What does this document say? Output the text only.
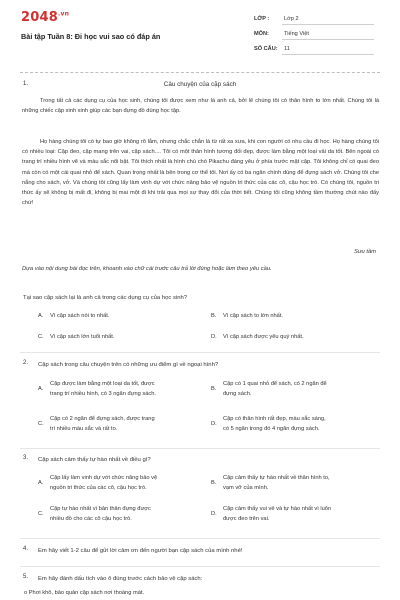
$2048^{.vn}$
Bài tập Tuần 8: Đi học vui sao có đáp án
LỚP :	Lớp 2
MÔN:	Tiếng Việt
SỐ CÂU: 11
1.	Câu chuyện của cặp sách
Trong tất cả các dụng cụ của học sinh, chúng tôi được xem như là anh cả, bởi lẽ chúng tôi có thân hình to lớn nhất. Chúng tôi là những chiếc cặp xinh xinh giúp các bạn đựng đồ dùng học tập.
Họ hàng chúng tôi có tự bao giờ không rõ lắm, nhưng chắc chắn là từ rất xa xưa, khi con người có nhu cầu đi học. Họ hàng chúng tôi có nhiều loại: Cặp đeo, cặp mang trên vai, cặp xách.... Tôi có một thân hình tương đối đẹp, được làm bằng một loại vải da tốt. Bên ngoài có trang trí nhiều hình vẽ và màu sắc nổi bật. Tôi thích nhất là hình chú chó Pikachu đáng yêu ở phía trước mặt cặp. Tôi không chỉ có quai đeo mà còn có một cái quai nhỏ để xách. Quan trọng nhất là bên trong cơ thể tôi. Nơi ấy có ba ngăn chính dùng để đựng sách vở. Chúng tôi che nắng cho sách, vở. Và chúng tôi cũng lấy làm vinh dự với chức năng bảo vệ nguồn tri thức của các cô, cậu học trò. Có chúng tôi, nguồn tri thức ấy sẽ không bị mất đi, không bị mai một đi khi trải qua mọi sự thay đổi của thời tiết. Chúng tôi cũng không tầm thường chút nào đấy chứ!
Sưu tầm
Dựa vào nội dung bài đọc trên, khoanh vào chữ cái trước câu trả lời đúng hoặc làm theo yêu cầu.
Tại sao cặp sách lại là anh cả trong các dụng cụ của học sinh?
A. Vì cặp sách nói to nhất.	B. Vì cặp sách to lớn nhất.
C. Vì cặp sách lớn tuổi nhất.	D. Vì cặp sách được yêu quý nhất.
2. Cặp sách trong câu chuyện trên có những ưu điểm gì về ngoại hình?
A.
Cặp được làm bằng một loại da tốt, được
trang trí nhiều hình, có 3 ngăn đựng sách.
B.
Cặp có 1 quai nhỏ để xách, có 2 ngăn để
đựng sách.
C.
Cặp có 2 ngăn để đựng sách, được trang
trí nhiều màu sắc và rất to.
D.
Cặp có thân hình rất đẹp, màu sắc sáng,
có 5 ngăn trong đó 4 ngăn đựng sách.
3. Cặp sách cảm thấy tự hào nhất về điều gì?
A.
Cặp lấy làm vinh dự với chức năng bảo vệ
nguồn tri thức của các cô, cậu học trò.
B.
Cặp cảm thấy tự hào nhất về thân hình to,
vạm vỡ của mình.
C.
Cặp tự hào nhất vì bản thân đựng được
nhiều đồ cho các cô cậu học trò.
D.
Cặp cảm thấy vui vẻ và tự hào nhất vì luôn
được đeo trên vai.
4. Em hãy viết 1-2 câu để gửi lời cảm ơn đến người bạn cặp sách của mình nhé!
5. Em hãy đánh dấu tích vào ô đúng trước cách bảo vệ cặp sách:
o Phơi khô, bảo quản cặp sách nơi thoáng mát.
